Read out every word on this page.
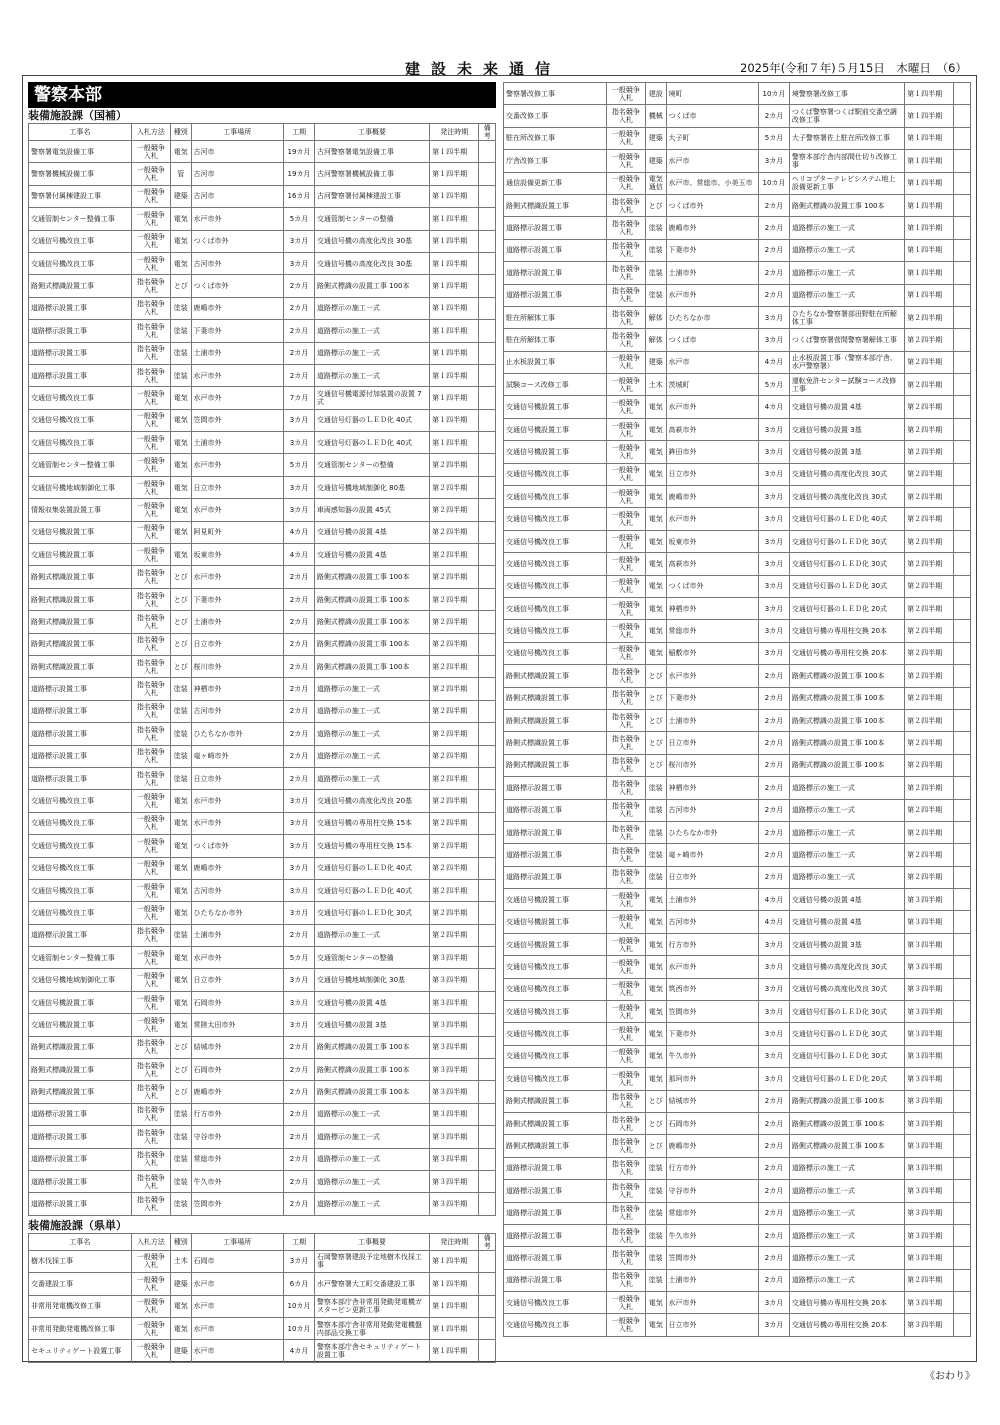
建設未来通信	2025年(令和７年)５月15日　木曜日　（6）
警察本部
装備施設課（国補）
工事名	入札方法	種別	工事場所	工期	工事概要	発注時期	備考
警察署電気設備工事	一般競争入札	電気	古河市	19カ月	古河警察署電気設備工事	第１四半期	
警察署機械設備工事	一般競争入札	管	古河市	19カ月	古河警察署機械設備工事	第１四半期	
警察署付属棟建設工事	一般競争入札	建築	古河市	16カ月	古河警察署付属棟建設工事	第１四半期	
交通管制センター整備工事	一般競争入札	電気	水戸市外	5カ月	交通管制センターの整備	第１四半期	
交通信号機改良工事	一般競争入札	電気	つくば市外	3カ月	交通信号機の高度化改良 30基	第１四半期	
交通信号機改良工事	一般競争入札	電気	古河市外	3カ月	交通信号機の高度化改良 30基	第１四半期	
路側式標識設置工事	指名競争入札	とび	つくば市外	2カ月	路側式標識の設置工事 100本	第１四半期	
道路標示設置工事	指名競争入札	塗装	鹿嶋市外	2カ月	道路標示の施工一式	第１四半期	
道路標示設置工事	指名競争入札	塗装	下妻市外	2カ月	道路標示の施工一式	第１四半期	
道路標示設置工事	指名競争入札	塗装	土浦市外	2カ月	道路標示の施工一式	第１四半期	
道路標示設置工事	指名競争入札	塗装	水戸市外	2カ月	道路標示の施工一式	第１四半期	
交通信号機改良工事	一般競争入札	電気	水戸市外	7カ月	交通信号機電源付加装置の設置 7式	第１四半期	
交通信号機改良工事	一般競争入札	電気	笠間市外	3カ月	交通信号灯器のＬＥＤ化 40式	第１四半期	
交通信号機改良工事	一般競争入札	電気	土浦市外	3カ月	交通信号灯器のＬＥＤ化 40式	第１四半期	
交通管制センター整備工事	一般競争入札	電気	水戸市外	5カ月	交通管制センターの整備	第２四半期	
交通信号機地域制御化工事	一般競争入札	電気	日立市外	3カ月	交通信号機地域制御化 80基	第２四半期	
情報収集装置設置工事	一般競争入札	電気	水戸市外	3カ月	車両感知器の設置 45式	第２四半期	
交通信号機設置工事	一般競争入札	電気	阿見町外	4カ月	交通信号機の設置 4基	第２四半期	
交通信号機設置工事	一般競争入札	電気	坂東市外	4カ月	交通信号機の設置 4基	第２四半期	
路側式標識設置工事	指名競争入札	とび	水戸市外	2カ月	路側式標識の設置工事 100本	第２四半期	
路側式標識設置工事	指名競争入札	とび	下妻市外	2カ月	路側式標識の設置工事 100本	第２四半期	
路側式標識設置工事	指名競争入札	とび	土浦市外	2カ月	路側式標識の設置工事 100本	第２四半期	
路側式標識設置工事	指名競争入札	とび	日立市外	2カ月	路側式標識の設置工事 100本	第２四半期	
路側式標識設置工事	指名競争入札	とび	桜川市外	2カ月	路側式標識の設置工事 100本	第２四半期	
道路標示設置工事	指名競争入札	塗装	神栖市外	2カ月	道路標示の施工一式	第２四半期	
道路標示設置工事	指名競争入札	塗装	古河市外	2カ月	道路標示の施工一式	第２四半期	
道路標示設置工事	指名競争入札	塗装	ひたちなか市外	2カ月	道路標示の施工一式	第２四半期	
道路標示設置工事	指名競争入札	塗装	竜ヶ崎市外	2カ月	道路標示の施工一式	第２四半期	
道路標示設置工事	指名競争入札	塗装	日立市外	2カ月	道路標示の施工一式	第２四半期	
交通信号機改良工事	一般競争入札	電気	水戸市外	3カ月	交通信号機の高度化改良 20基	第２四半期	
交通信号機改良工事	一般競争入札	電気	水戸市外	3カ月	交通信号機の専用柱交換 15本	第２四半期	
交通信号機改良工事	一般競争入札	電気	つくば市外	3カ月	交通信号機の専用柱交換 15本	第２四半期	
交通信号機改良工事	一般競争入札	電気	鹿嶋市外	3カ月	交通信号灯器のＬＥＤ化 40式	第２四半期	
交通信号機改良工事	一般競争入札	電気	古河市外	3カ月	交通信号灯器のＬＥＤ化 40式	第２四半期	
交通信号機改良工事	一般競争入札	電気	ひたちなか市外	3カ月	交通信号灯器のＬＥＤ化 30式	第２四半期	
道路標示設置工事	指名競争入札	塗装	土浦市外	2カ月	道路標示の施工一式	第２四半期	
交通管制センター整備工事	一般競争入札	電気	水戸市外	5カ月	交通管制センターの整備	第３四半期	
交通信号機地域制御化工事	一般競争入札	電気	日立市外	3カ月	交通信号機地域制御化 30基	第３四半期	
交通信号機設置工事	一般競争入札	電気	石岡市外	3カ月	交通信号機の設置 4基	第３四半期	
交通信号機設置工事	一般競争入札	電気	常陸太田市外	3カ月	交通信号機の設置 3基	第３四半期	
路側式標識設置工事	指名競争入札	とび	結城市外	2カ月	路側式標識の設置工事 100本	第３四半期	
路側式標識設置工事	指名競争入札	とび	石岡市外	2カ月	路側式標識の設置工事 100本	第３四半期	
路側式標識設置工事	指名競争入札	とび	鹿嶋市外	2カ月	路側式標識の設置工事 100本	第３四半期	
道路標示設置工事	指名競争入札	塗装	行方市外	2カ月	道路標示の施工一式	第３四半期	
道路標示設置工事	指名競争入札	塗装	守谷市外	2カ月	道路標示の施工一式	第３四半期	
道路標示設置工事	指名競争入札	塗装	常総市外	2カ月	道路標示の施工一式	第３四半期	
道路標示設置工事	指名競争入札	塗装	牛久市外	2カ月	道路標示の施工一式	第３四半期	
道路標示設置工事	指名競争入札	塗装	笠間市外	2カ月	道路標示の施工一式	第３四半期	
装備施設課（県単）
工事名	入札方法	種別	工事場所	工期	工事概要	発注時期	備考
樹木伐採工事	一般競争入札	土木	石岡市	3カ月	石岡警察署建設予定地樹木伐採工事	第１四半期	
交番建設工事	一般競争入札	建築	水戸市	6カ月	水戸警察署大工町交番建設工事	第１四半期	
非常用発電機改修工事	一般競争入札	電気	水戸市	10カ月	警察本部庁舎非常用発動発電機ガスタービン更新工事	第１四半期	
非常用発動発電機改修工事	一般競争入札	電気	水戸市	10カ月	警察本部庁舎非常用発動発電機盤内部品交換工事	第１四半期	
セキュリティゲート設置工事	一般競争入札	建築	水戸市	4カ月	警察本部庁舎セキュリティゲート設置工事	第１四半期	
警察署改修工事	一般競争入札	建設	境町	10カ月	境警察署改修工事	第１四半期	
交番改修工事	指名競争入札	機械	つくば市	2カ月	つくば警察署つくば駅前交番空調改修工事	第１四半期	
駐在所改修工事	一般競争入札	建築	大子町	5カ月	大子警察署佐上駐在所改修工事	第１四半期	
庁舎改修工事	一般競争入札	建築	水戸市	3カ月	警察本部庁舎内部間仕切り改修工事	第１四半期	
通信設備更新工事	一般競争入札	電気通信	水戸市、常総市、小美玉市	10カ月	ヘリコプターテレビシステム地上設備更新工事	第１四半期	
路側式標識設置工事	指名競争入札	とび	つくば市外	2カ月	路側式標識の設置工事 100本	第１四半期	
道路標示設置工事	指名競争入札	塗装	鹿嶋市外	2カ月	道路標示の施工一式	第１四半期	
道路標示設置工事	指名競争入札	塗装	下妻市外	2カ月	道路標示の施工一式	第１四半期	
道路標示設置工事	指名競争入札	塗装	土浦市外	2カ月	道路標示の施工一式	第１四半期	
道路標示設置工事	指名競争入札	塗装	水戸市外	2カ月	道路標示の施工一式	第１四半期	
駐在所解体工事	指名競争入札	解体	ひたちなか市	3カ月	ひたちなか警察署部田野駐在所解体工事	第２四半期	
駐在所解体工事	指名競争入札	解体	つくば市	3カ月	つくば警察署菅間警察署解体工事	第２四半期	
止水板設置工事	一般競争入札	建築	水戸市	4カ月	止水板設置工事（警察本部庁舎、水戸警察署）	第２四半期	
試験コース改修工事	一般競争入札	土木	茨城町	5カ月	運転免許センター試験コース改修工事	第２四半期	
交通信号機設置工事	一般競争入札	電気	水戸市外	4カ月	交通信号機の設置 4基	第２四半期	
交通信号機設置工事	一般競争入札	電気	高萩市外	3カ月	交通信号機の設置 3基	第２四半期	
交通信号機設置工事	一般競争入札	電気	鉾田市外	3カ月	交通信号機の設置 3基	第２四半期	
交通信号機改良工事	一般競争入札	電気	日立市外	3カ月	交通信号機の高度化改良 30式	第２四半期	
交通信号機改良工事	一般競争入札	電気	鹿嶋市外	3カ月	交通信号機の高度化改良 30式	第２四半期	
交通信号機改良工事	一般競争入札	電気	水戸市外	3カ月	交通信号灯器のＬＥＤ化 40式	第２四半期	
交通信号機改良工事	一般競争入札	電気	坂東市外	3カ月	交通信号灯器のＬＥＤ化 30式	第２四半期	
交通信号機改良工事	一般競争入札	電気	高萩市外	3カ月	交通信号灯器のＬＥＤ化 30式	第２四半期	
交通信号機改良工事	一般競争入札	電気	つくば市外	3カ月	交通信号灯器のＬＥＤ化 30式	第２四半期	
交通信号機改良工事	一般競争入札	電気	神栖市外	3カ月	交通信号灯器のＬＥＤ化 20式	第２四半期	
交通信号機改良工事	一般競争入札	電気	常総市外	3カ月	交通信号機の専用柱交換 20本	第２四半期	
交通信号機改良工事	一般競争入札	電気	稲敷市外	3カ月	交通信号機の専用柱交換 20本	第２四半期	
路側式標識設置工事	指名競争入札	とび	水戸市外	2カ月	路側式標識の設置工事 100本	第２四半期	
路側式標識設置工事	指名競争入札	とび	下妻市外	2カ月	路側式標識の設置工事 100本	第２四半期	
路側式標識設置工事	指名競争入札	とび	土浦市外	2カ月	路側式標識の設置工事 100本	第２四半期	
路側式標識設置工事	指名競争入札	とび	日立市外	2カ月	路側式標識の設置工事 100本	第２四半期	
路側式標識設置工事	指名競争入札	とび	桜川市外	2カ月	路側式標識の設置工事 100本	第２四半期	
道路標示設置工事	指名競争入札	塗装	神栖市外	2カ月	道路標示の施工一式	第２四半期	
道路標示設置工事	指名競争入札	塗装	古河市外	2カ月	道路標示の施工一式	第２四半期	
道路標示設置工事	指名競争入札	塗装	ひたちなか市外	2カ月	道路標示の施工一式	第２四半期	
道路標示設置工事	指名競争入札	塗装	竜ヶ崎市外	2カ月	道路標示の施工一式	第２四半期	
道路標示設置工事	指名競争入札	塗装	日立市外	2カ月	道路標示の施工一式	第２四半期	
交通信号機設置工事	一般競争入札	電気	土浦市外	4カ月	交通信号機の設置 4基	第３四半期	
交通信号機設置工事	一般競争入札	電気	古河市外	4カ月	交通信号機の設置 4基	第３四半期	
交通信号機設置工事	一般競争入札	電気	行方市外	3カ月	交通信号機の設置 3基	第３四半期	
交通信号機改良工事	一般競争入札	電気	水戸市外	3カ月	交通信号機の高度化改良 30式	第３四半期	
交通信号機改良工事	一般競争入札	電気	筑西市外	3カ月	交通信号機の高度化改良 30式	第３四半期	
交通信号機改良工事	一般競争入札	電気	笠間市外	3カ月	交通信号灯器のＬＥＤ化 30式	第３四半期	
交通信号機改良工事	一般競争入札	電気	下妻市外	3カ月	交通信号灯器のＬＥＤ化 30式	第３四半期	
交通信号機改良工事	一般競争入札	電気	牛久市外	3カ月	交通信号灯器のＬＥＤ化 30式	第３四半期	
交通信号機改良工事	一般競争入札	電気	那珂市外	3カ月	交通信号灯器のＬＥＤ化 20式	第３四半期	
路側式標識設置工事	指名競争入札	とび	結城市外	2カ月	路側式標識の設置工事 100本	第３四半期	
路側式標識設置工事	指名競争入札	とび	石岡市外	2カ月	路側式標識の設置工事 100本	第３四半期	
路側式標識設置工事	指名競争入札	とび	鹿嶋市外	2カ月	路側式標識の設置工事 100本	第３四半期	
道路標示設置工事	指名競争入札	塗装	行方市外	2カ月	道路標示の施工一式	第３四半期	
道路標示設置工事	指名競争入札	塗装	守谷市外	2カ月	道路標示の施工一式	第３四半期	
道路標示設置工事	指名競争入札	塗装	常総市外	2カ月	道路標示の施工一式	第３四半期	
道路標示設置工事	指名競争入札	塗装	牛久市外	2カ月	道路標示の施工一式	第３四半期	
道路標示設置工事	指名競争入札	塗装	笠間市外	2カ月	道路標示の施工一式	第３四半期	
道路標示設置工事	指名競争入札	塗装	土浦市外	2カ月	道路標示の施工一式	第２四半期	
交通信号機改良工事	一般競争入札	電気	水戸市外	3カ月	交通信号機の専用柱交換 20本	第３四半期	
交通信号機改良工事	一般競争入札	電気	日立市外	3カ月	交通信号機の専用柱交換 20本	第３四半期	
《おわり》
